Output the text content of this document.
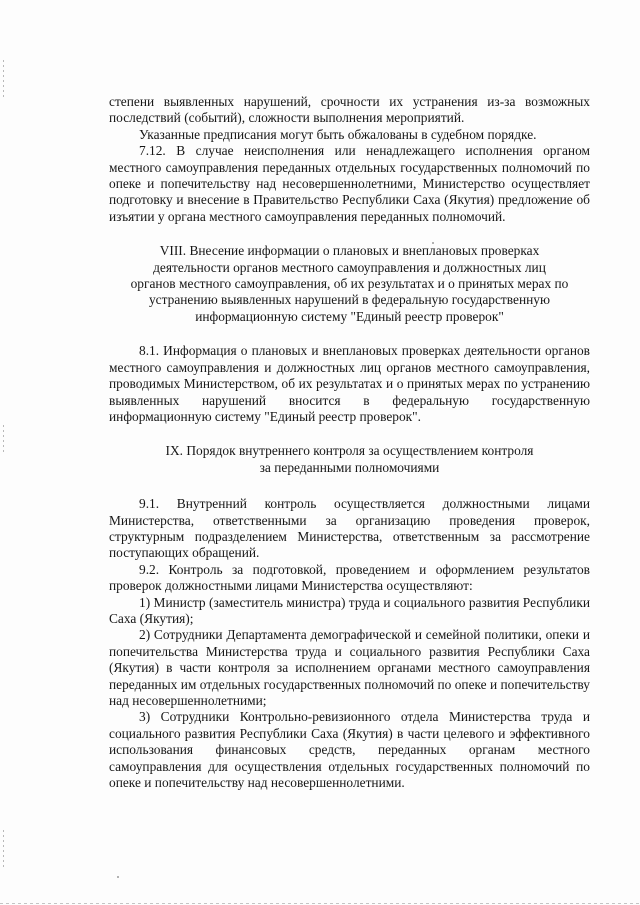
степени выявленных нарушений, срочности их устранения из-за возможных последствий (событий), сложности выполнения мероприятий.

Указанные предписания могут быть обжалованы в судебном порядке.

7.12. В случае неисполнения или ненадлежащего исполнения органом местного самоуправления переданных отдельных государственных полномочий по опеке и попечительству над несовершеннолетними, Министерство осуществляет подготовку и внесение в Правительство Республики Саха (Якутия) предложение об изъятии у органа местного самоуправления переданных полномочий.

VIII. Внесение информации о плановых и внеплановых проверках

деятельности органов местного самоуправления и должностных лиц

органов местного самоуправления, об их результатах и о принятых мерах по

устранению выявленных нарушений в федеральную государственную

информационную систему "Единый реестр проверок"

8.1. Информация о плановых и внеплановых проверках деятельности органов местного самоуправления и должностных лиц органов местного самоуправления, проводимых Министерством, об их результатах и о принятых мерах по устранению выявленных нарушений вносится в федеральную государственную информационную систему "Единый реестр проверок".

IX. Порядок внутреннего контроля за осуществлением контроля

за переданными полномочиями

9.1. Внутренний контроль осуществляется должностными лицами Министерства, ответственными за организацию проведения проверок, структурным подразделением Министерства, ответственным за рассмотрение поступающих обращений.

9.2. Контроль за подготовкой, проведением и оформлением результатов проверок должностными лицами Министерства осуществляют:

1) Министр (заместитель министра) труда и социального развития Республики Саха (Якутия);

2) Сотрудники Департамента демографической и семейной политики, опеки и попечительства Министерства труда и социального развития Республики Саха (Якутия) в части контроля за исполнением органами местного самоуправления переданных им отдельных государственных полномочий по опеке и попечительству над несовершеннолетними;

3) Сотрудники Контрольно-ревизионного отдела Министерства труда и социального развития Республики Саха (Якутия) в части целевого и эффективного использования финансовых средств, переданных органам местного самоуправления для осуществления отдельных государственных полномочий по опеке и попечительству над несовершеннолетними.
